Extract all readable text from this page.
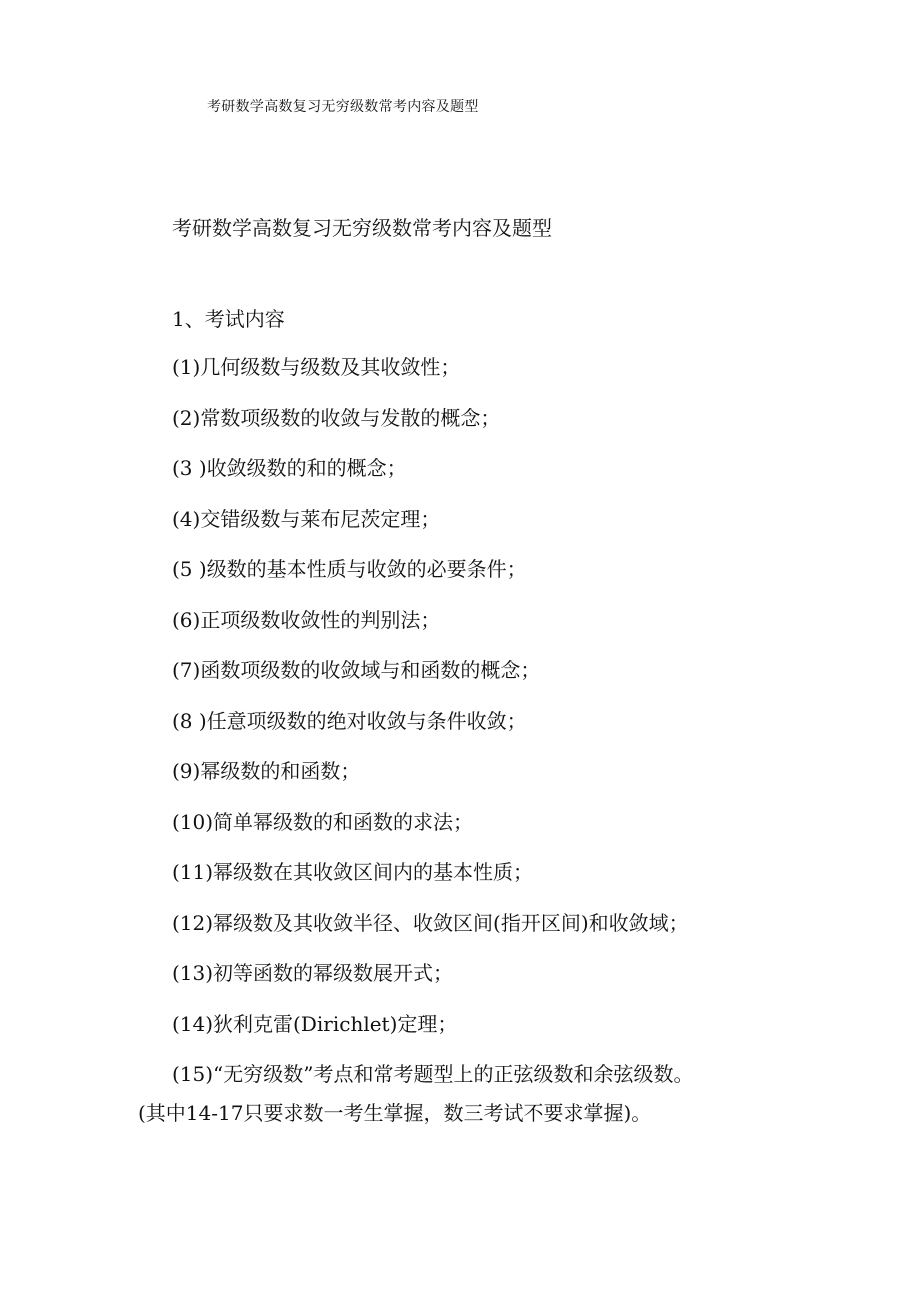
考研数学高数复习无穷级数常考内容及题型
考研数学高数复习无穷级数常考内容及题型
1、考试内容
(1)几何级数与级数及其收敛性；
(2)常数项级数的收敛与发散的概念；
(3 )收敛级数的和的概念；
(4)交错级数与莱布尼茨定理；
(5 )级数的基本性质与收敛的必要条件；
(6)正项级数收敛性的判别法；
(7)函数项级数的收敛域与和函数的概念；
(8 )任意项级数的绝对收敛与条件收敛；
(9)幂级数的和函数；
(10)简单幂级数的和函数的求法；
(11)幂级数在其收敛区间内的基本性质；
(12)幂级数及其收敛半径、收敛区间(指开区间)和收敛域；
(13)初等函数的幂级数展开式；
(14)狄利克雷(Dirichlet)定理；
(15)“无穷级数”考点和常考题型上的正弦级数和余弦级数。
(其中14-17只要求数一考生掌握，数三考试不要求掌握)。
